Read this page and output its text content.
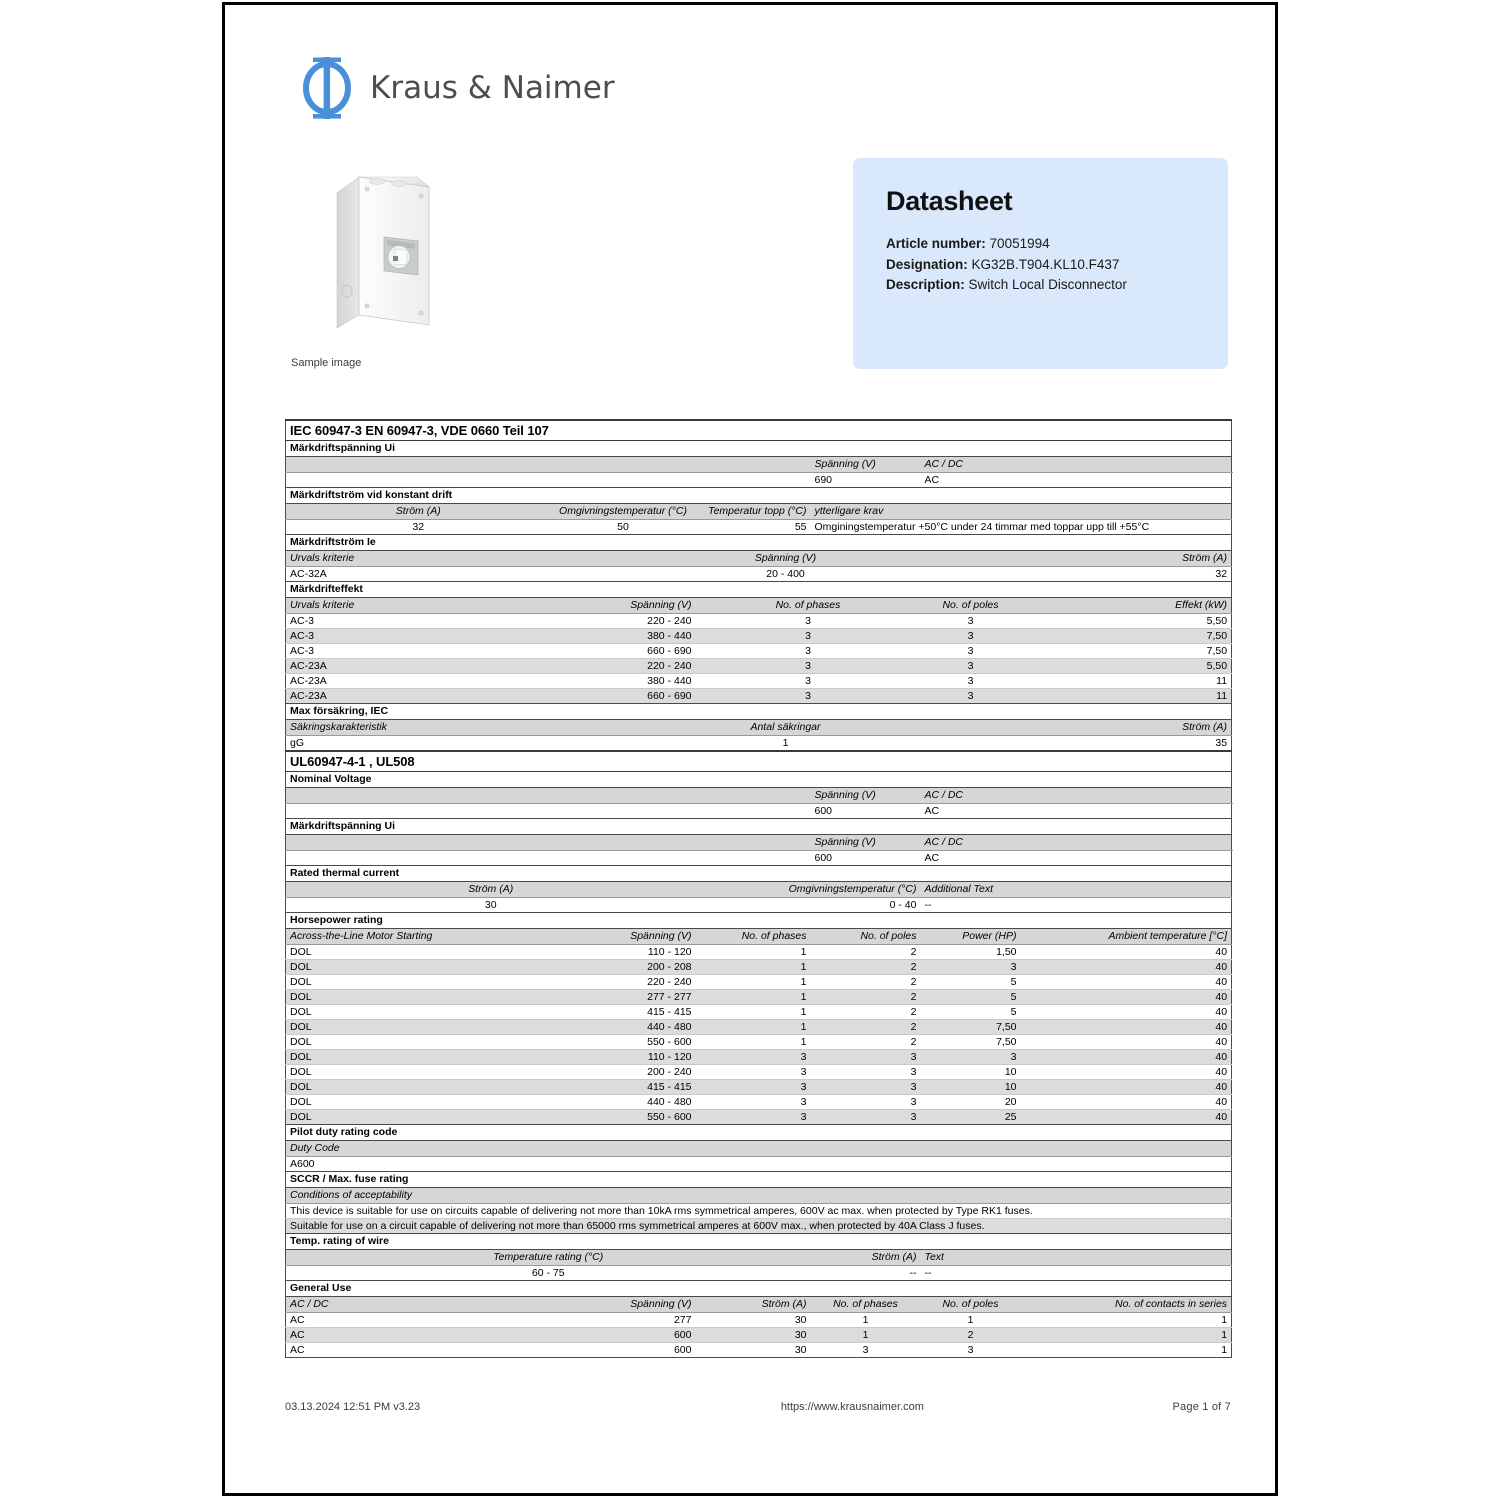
Kraus & Naimer
Sample image
Datasheet
Article number: 70051994
Designation: KG32B.T904.KL10.F437
Description: Switch Local Disconnector
IEC 60947-3 EN 60947-3, VDE 0660 Teil 107						
Märkdriftspänning Ui						
			Spänning (V)	AC / DC		
			690	AC		
Märkdriftström vid konstant drift						
Ström (A)	Omgivningstemperatur (°C)	Temperatur topp (°C)	ytterligare krav			
32	50	55	Omginingstemperatur +50°C under 24 timmar med toppar upp till +55°C			
Märkdriftström Ie						
Urvals kriterie	Spänning (V)				Ström (A)	
AC-32A	20 - 400				32	
Märkdrifteffekt						
Urvals kriterie	Spänning (V)	No. of phases		No. of poles	Effekt (kW)	
AC-3	220 - 240	3		3	5,50	
AC-3	380 - 440	3		3	7,50	
AC-3	660 - 690	3		3	7,50	
AC-23A	220 - 240	3		3	5,50	
AC-23A	380 - 440	3		3	11	
AC-23A	660 - 690	3		3	11	
Max försäkring, IEC						
Säkringskarakteristik	Antal säkringar				Ström (A)	
gG	1				35	
UL60947-4-1 , UL508						
Nominal Voltage						
			Spänning (V)	AC / DC		
			600	AC		
Märkdriftspänning Ui						
			Spänning (V)	AC / DC		
			600	AC		
Rated thermal current						
Ström (A)		Omgivningstemperatur (°C)		Additional Text		
30		0 - 40		--		
Horsepower rating						
Across-the-Line Motor Starting	Spänning (V)	No. of phases	No. of poles	Power (HP)	Ambient temperature [°C]	
DOL	110 - 120	1	2	1,50	40	
DOL	200 - 208	1	2	3	40	
DOL	220 - 240	1	2	5	40	
DOL	277 - 277	1	2	5	40	
DOL	415 - 415	1	2	5	40	
DOL	440 - 480	1	2	7,50	40	
DOL	550 - 600	1	2	7,50	40	
DOL	110 - 120	3	3	3	40	
DOL	200 - 240	3	3	10	40	
DOL	415 - 415	3	3	10	40	
DOL	440 - 480	3	3	20	40	
DOL	550 - 600	3	3	25	40	
Pilot duty rating code						
Duty Code						
A600						
SCCR / Max. fuse rating						
Conditions of acceptability						
This device is suitable for use on circuits capable of delivering not more than 10kA rms symmetrical amperes, 600V ac max. when protected by Type RK1 fuses.						
Suitable for use on a circuit capable of delivering not more than 65000 rms symmetrical amperes at 600V max., when protected by 40A Class J fuses.						
Temp. rating of wire						
Temperature rating (°C)			Ström (A)	Text		
60 - 75			--	--		
General Use						
AC / DC	Spänning (V)	Ström (A)	No. of phases	No. of poles	No. of contacts in series	
AC	277	30	1	1	1	
AC	600	30	1	2	1	
AC	600	30	3	3	1	
03.13.2024 12:51 PM v3.23	https://www.krausnaimer.com	Page 1 of 7
